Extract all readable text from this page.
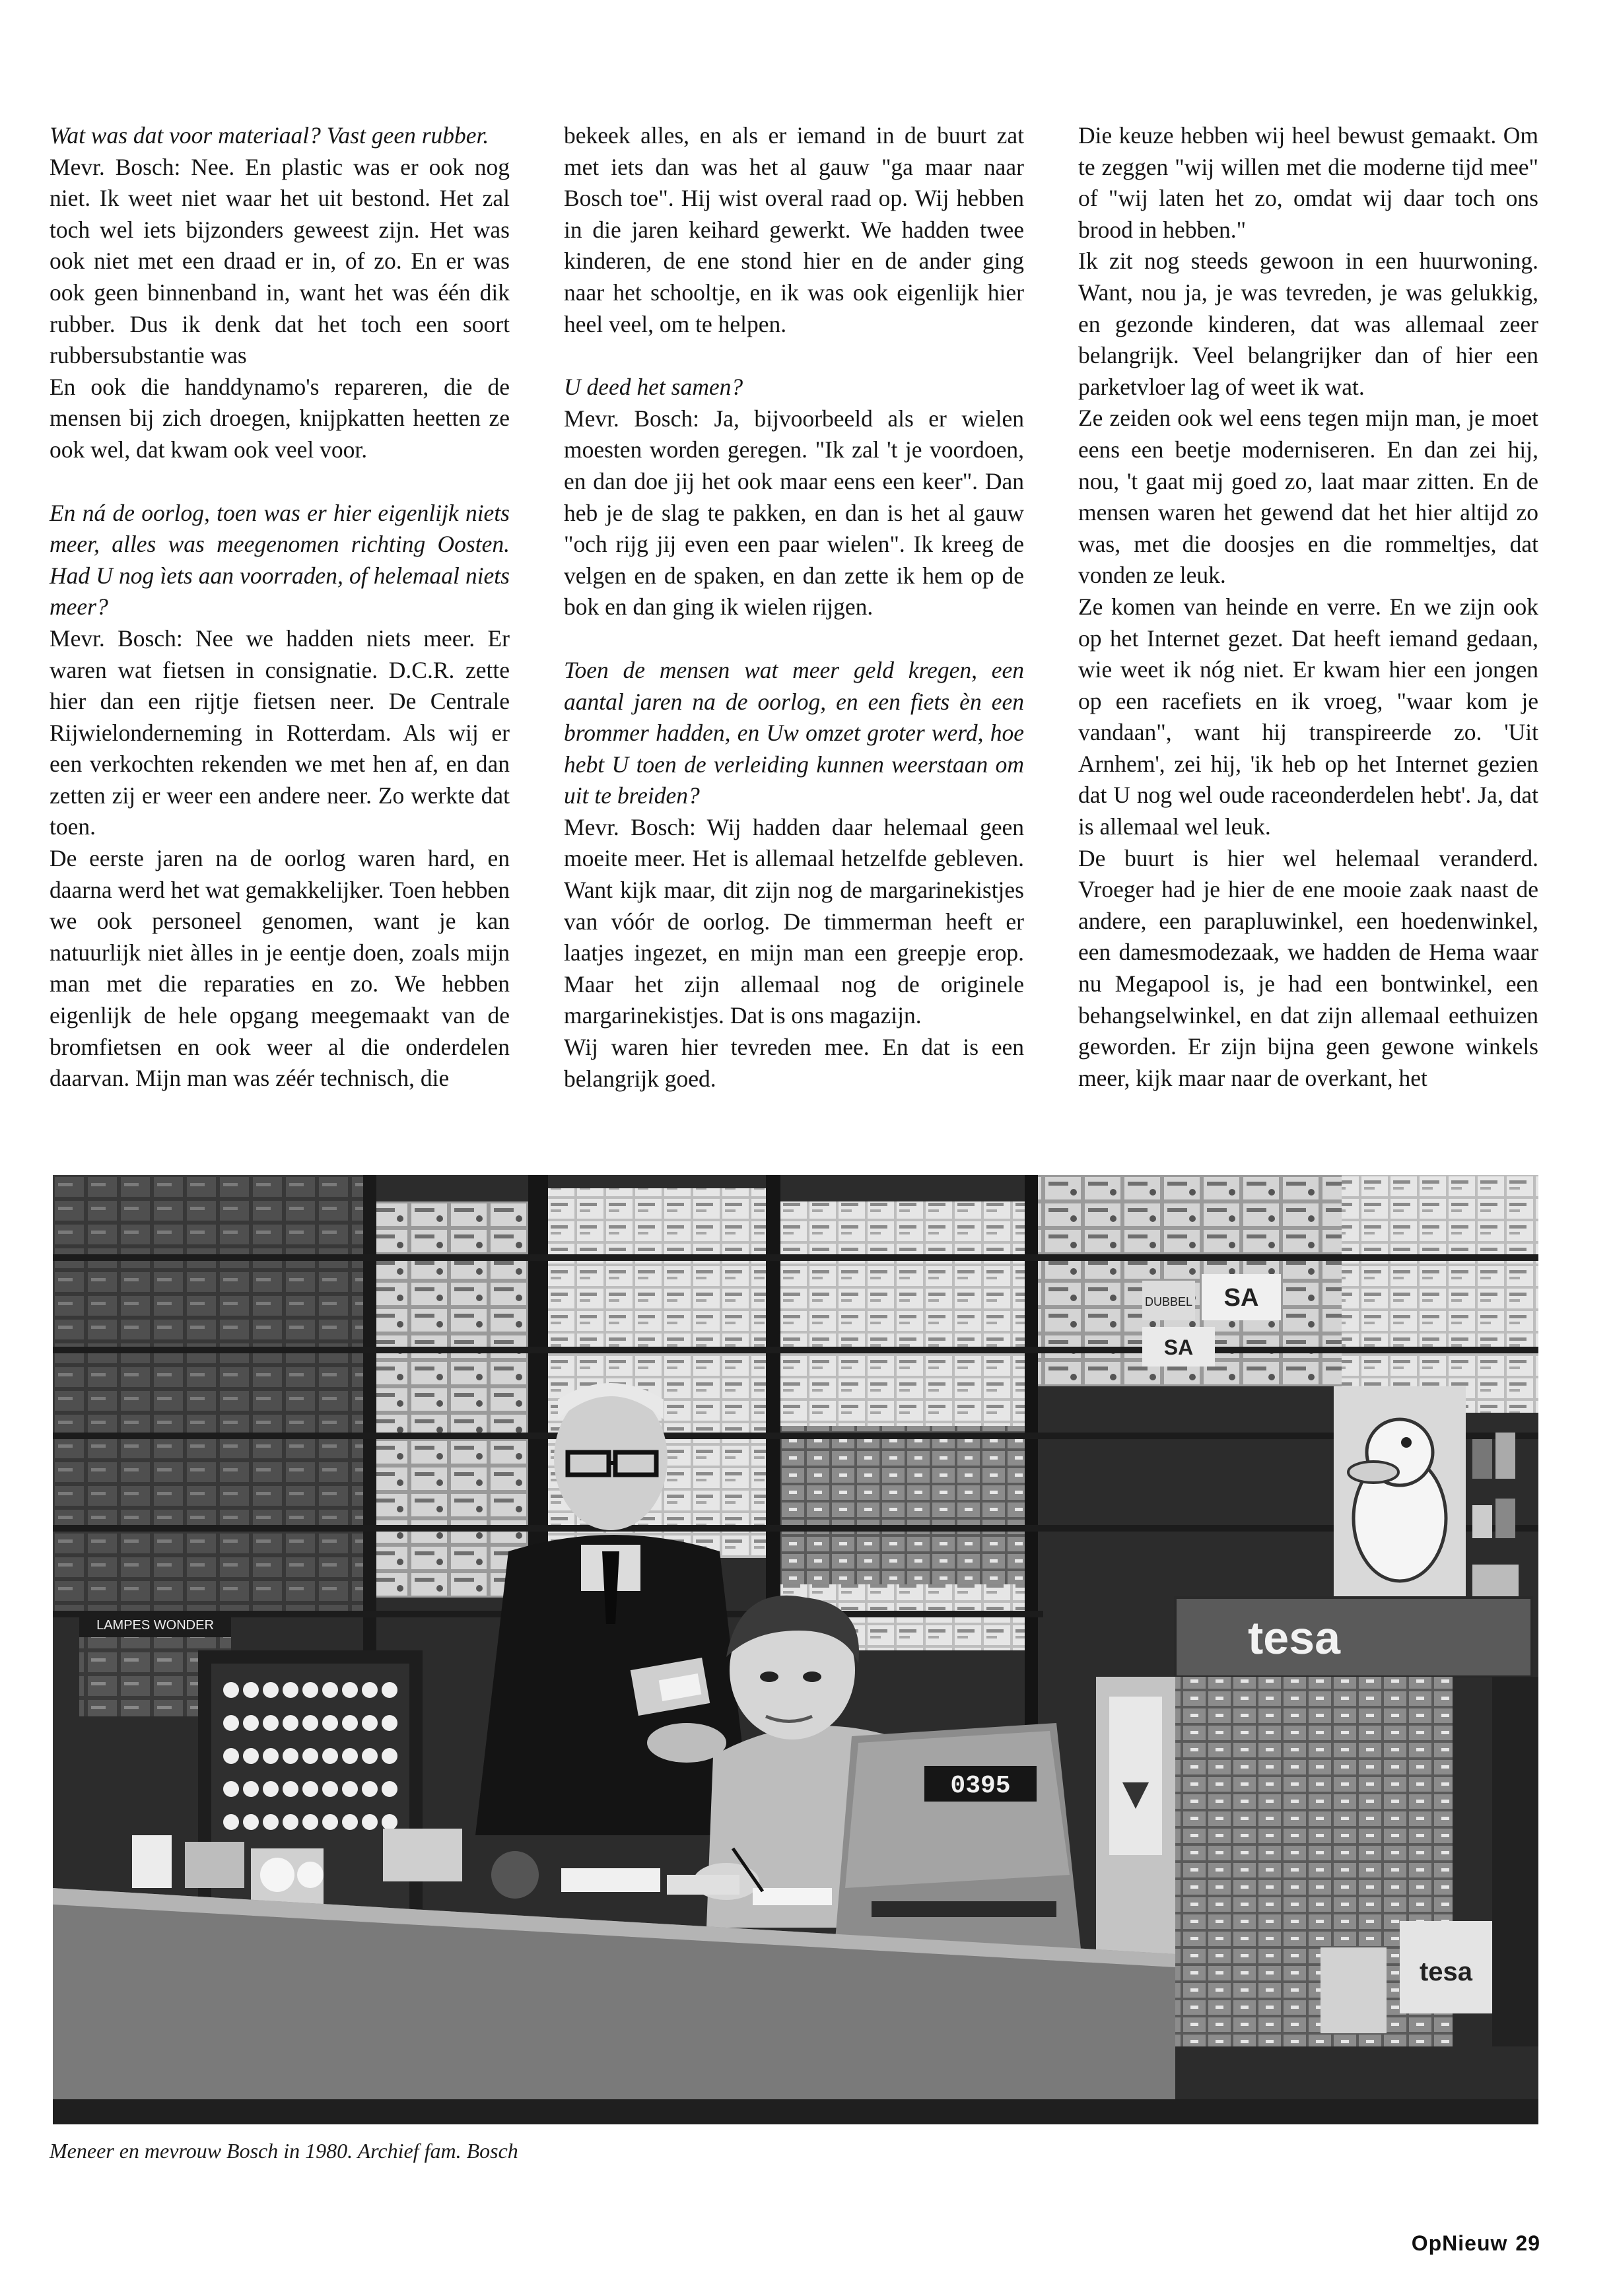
Wat was dat voor materiaal? Vast geen rubber.

Mevr. Bosch: Nee. En plastic was er ook nog niet. Ik weet niet waar het uit bestond. Het zal toch wel iets bijzonders geweest zijn. Het was ook niet met een draad er in, of zo. En er was ook geen binnenband in, want het was één dik rubber. Dus ik denk dat het toch een soort rubbersubstantie was

En ook die handdynamo's repareren, die de mensen bij zich droegen, knijpkatten heetten ze ook wel, dat kwam ook veel voor.

En ná de oorlog, toen was er hier eigenlijk niets meer, alles was meegenomen richting Oosten. Had U nog ìets aan voorraden, of helemaal niets meer?

Mevr. Bosch: Nee we hadden niets meer. Er waren wat fietsen in consignatie. D.C.R. zette hier dan een rijtje fietsen neer. De Centrale Rijwielonderneming in Rotterdam. Als wij er een verkochten rekenden we met hen af, en dan zetten zij er weer een andere neer. Zo werkte dat toen.

De eerste jaren na de oorlog waren hard, en daarna werd het wat gemakkelijker. Toen hebben we ook personeel genomen, want je kan natuurlijk niet àlles in je eentje doen, zoals mijn man met die reparaties en zo. We hebben eigenlijk de hele opgang meegemaakt van de bromfietsen en ook weer al die onderdelen daarvan. Mijn man was zéér technisch, die

bekeek alles, en als er iemand in de buurt zat met iets dan was het al gauw "ga maar naar Bosch toe". Hij wist overal raad op. Wij hebben in die jaren keihard gewerkt. We hadden twee kinderen, de ene stond hier en de ander ging naar het schooltje, en ik was ook eigenlijk hier heel veel, om te helpen.

U deed het samen?

Mevr. Bosch: Ja, bijvoorbeeld als er wielen moesten worden geregen. "Ik zal 't je voordoen, en dan doe jij het ook maar eens een keer". Dan heb je de slag te pakken, en dan is het al gauw "och rijg jij even een paar wielen". Ik kreeg de velgen en de spaken, en dan zette ik hem op de bok en dan ging ik wielen rijgen.

Toen de mensen wat meer geld kregen, een aantal jaren na de oorlog, en een fiets èn een brommer hadden, en Uw omzet groter werd, hoe hebt U toen de verleiding kunnen weerstaan om uit te breiden?

Mevr. Bosch: Wij hadden daar helemaal geen moeite meer. Het is allemaal hetzelfde gebleven. Want kijk maar, dit zijn nog de margarinekistjes van vóór de oorlog. De timmerman heeft er laatjes ingezet, en mijn man een greepje erop. Maar het zijn allemaal nog de originele margarinekistjes. Dat is ons magazijn.

Wij waren hier tevreden mee. En dat is een belangrijk goed.

Die keuze hebben wij heel bewust gemaakt. Om te zeggen "wij willen met die moderne tijd mee" of "wij laten het zo, omdat wij daar toch ons brood in hebben."

Ik zit nog steeds gewoon in een huurwoning. Want, nou ja, je was tevreden, je was gelukkig, en gezonde kinderen, dat was allemaal zeer belangrijk. Veel belangrijker dan of hier een parketvloer lag of weet ik wat.

Ze zeiden ook wel eens tegen mijn man, je moet eens een beetje moderniseren. En dan zei hij, nou, 't gaat mij goed zo, laat maar zitten. En de mensen waren het gewend dat het hier altijd zo was, met die doosjes en die rommeltjes, dat vonden ze leuk.

Ze komen van heinde en verre. En we zijn ook op het Internet gezet. Dat heeft iemand gedaan, wie weet ik nóg niet. Er kwam hier een jongen op een racefiets en ik vroeg, "waar kom je vandaan", want hij transpireerde zo. 'Uit Arnhem', zei hij, 'ik heb op het Internet gezien dat U nog wel oude raceonderdelen hebt'. Ja, dat is allemaal wel leuk.

De buurt is hier wel helemaal veranderd. Vroeger had je hier de ene mooie zaak naast de andere, een parapluwinkel, een hoedenwinkel, een damesmodezaak, we hadden de Hema waar nu Megapool is, je had een bontwinkel, een behangselwinkel, en dat zijn allemaal eethuizen geworden. Er zijn bijna geen gewone winkels meer, kijk maar naar de overkant, het

SA
SA
DUBBEL
tesa
LAMPES WONDER
0395
tesa
Meneer en mevrouw Bosch in 1980. Archief fam. Bosch
OpNieuw 29
